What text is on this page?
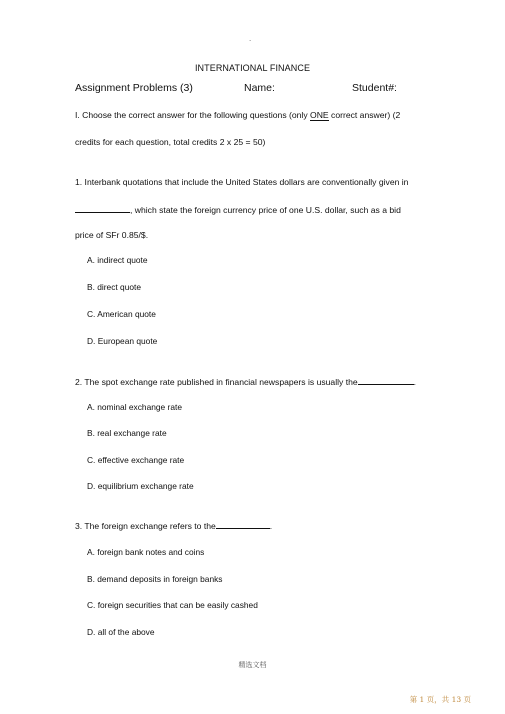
.
INTERNATIONAL FINANCE
Assignment Problems (3)	Name:	Student#:
I. Choose the correct answer for the following questions (only ONE correct answer) (2
credits for each question, total credits 2 x 25 = 50)
1. Interbank quotations that include the United States dollars are conventionally given in
, which state the foreign currency price of one U.S. dollar, such as a bid
price of SFr 0.85/$.
A. indirect quote
B. direct quote
C. American quote
D. European quote
2. The spot exchange rate published in financial newspapers is usually the	.
A. nominal exchange rate
B. real exchange rate
C. effective exchange rate
D. equilibrium exchange rate
3. The foreign exchange refers to the	.
A. foreign bank notes and coins
B. demand deposits in foreign banks
C. foreign securities that can be easily cashed
D. all of the above
精选文档
第 1 页，共 13 页
